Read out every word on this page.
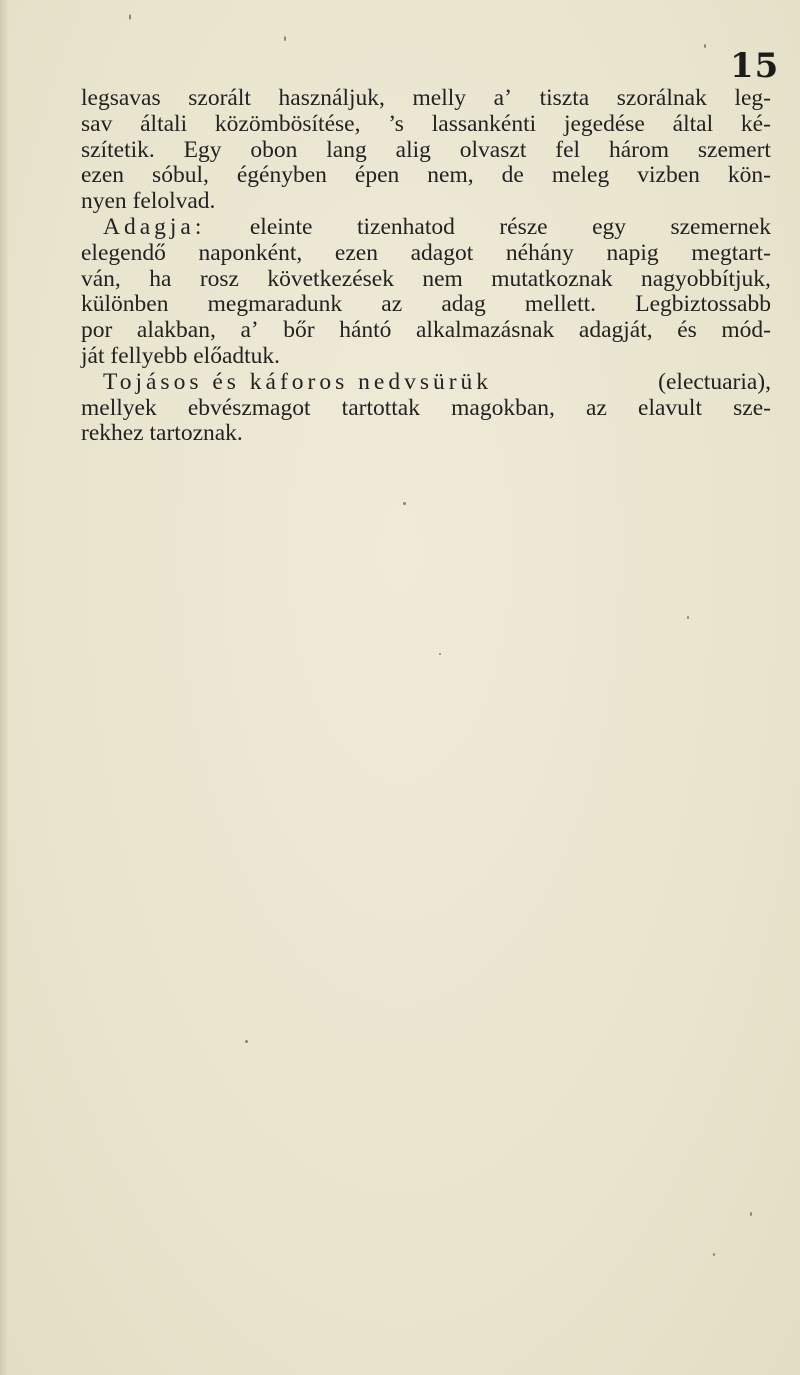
15
legsavas szorált használjuk, melly a’ tiszta szorálnak leg-
sav általi közömbösítése, ’s lassankénti jegedése által ké-
szítetik. Egy obon lang alig olvaszt fel három szemert
ezen sóbul, égényben épen nem, de meleg vizben kön-
nyen
felolvad.
Adagja: eleinte tizenhatod része egy szemernek
elegendő naponként, ezen adagot néhány napig megtart-
ván, ha rosz következések nem mutatkoznak nagyobbítjuk,
különben megmaradunk az adag mellett. Legbiztossabb
por alakban, a’ bőr hántó alkalmazásnak adagját, és mód-
ját
fellyebb
előadtuk.
Tojásos és káforos nedvsürük	(electuaria),
mellyek ebvészmagot tartottak magokban, az elavult sze-
rekhez
tartoznak.
